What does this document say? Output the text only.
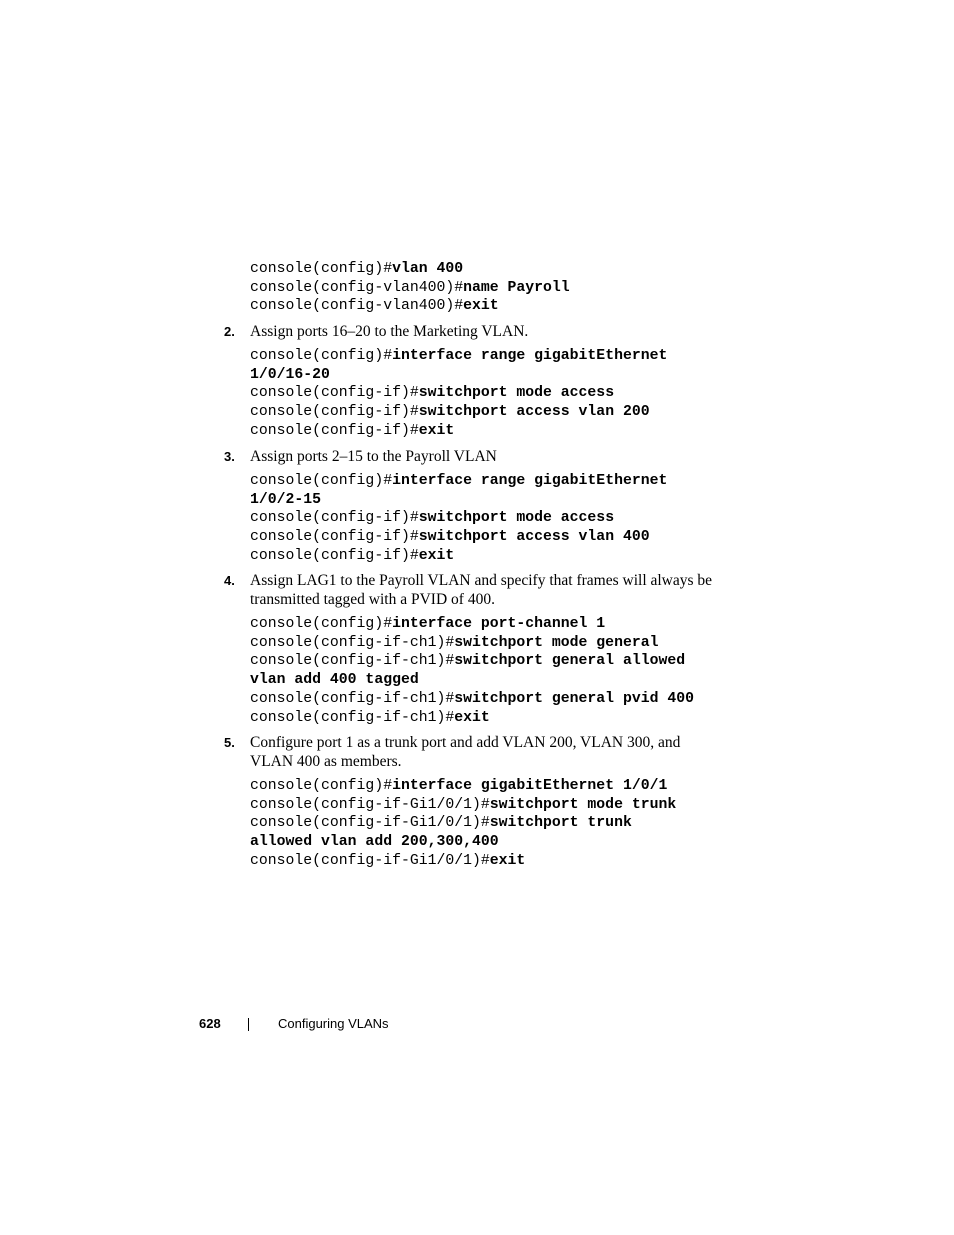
console(config)#vlan 400
console(config-vlan400)#name Payroll
console(config-vlan400)#exit
2. Assign ports 16–20 to the Marketing VLAN.
console(config)#interface range gigabitEthernet
1/0/16-20
console(config-if)#switchport mode access
console(config-if)#switchport access vlan 200
console(config-if)#exit
3. Assign ports 2–15 to the Payroll VLAN
console(config)#interface range gigabitEthernet
1/0/2-15
console(config-if)#switchport mode access
console(config-if)#switchport access vlan 400
console(config-if)#exit
4. Assign LAG1 to the Payroll VLAN and specify that frames will always be transmitted tagged with a PVID of 400.
console(config)#interface port-channel 1
console(config-if-ch1)#switchport mode general
console(config-if-ch1)#switchport general allowed
vlan add 400 tagged
console(config-if-ch1)#switchport general pvid 400
console(config-if-ch1)#exit
5. Configure port 1 as a trunk port and add VLAN 200, VLAN 300, and VLAN 400 as members.
console(config)#interface gigabitEthernet 1/0/1
console(config-if-Gi1/0/1)#switchport mode trunk
console(config-if-Gi1/0/1)#switchport trunk
allowed vlan add 200,300,400
console(config-if-Gi1/0/1)#exit
628	Configuring VLANs
